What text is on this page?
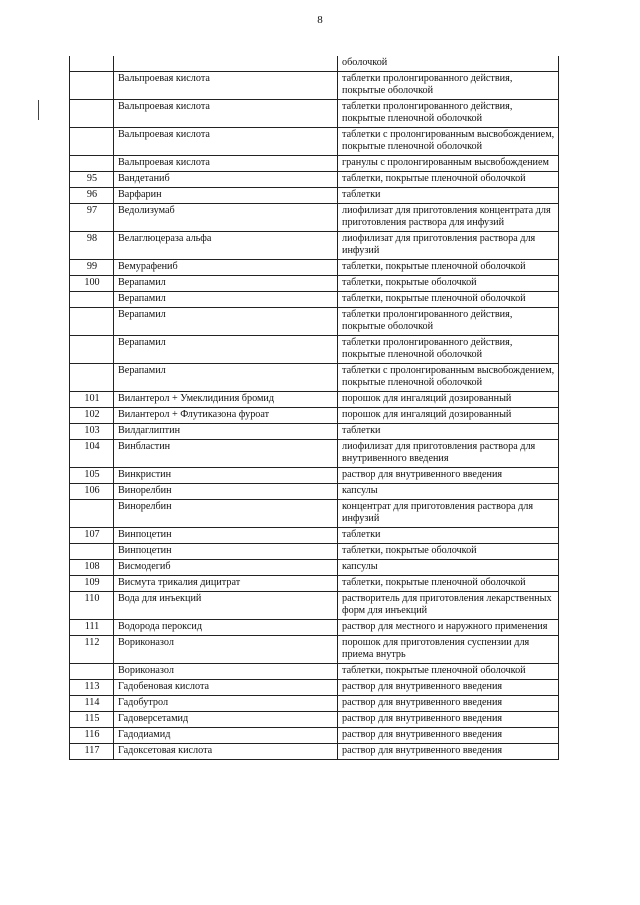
8
		оболочкой
	Вальпроевая кислота	таблетки пролонгированного действия, покрытые оболочкой
	Вальпроевая кислота	таблетки пролонгированного действия, покрытые пленочной оболочкой
	Вальпроевая кислота	таблетки с пролонгированным высвобождением, покрытые пленочной оболочкой
	Вальпроевая кислота	гранулы с пролонгированным высвобождением
95	Вандетаниб	таблетки, покрытые пленочной оболочкой
96	Варфарин	таблетки
97	Ведолизумаб	лиофилизат для приготовления концентрата для приготовления раствора для инфузий
98	Велаглюцераза альфа	лиофилизат для приготовления раствора для инфузий
99	Вемурафениб	таблетки, покрытые пленочной оболочкой
100	Верапамил	таблетки, покрытые оболочкой
	Верапамил	таблетки, покрытые пленочной оболочкой
	Верапамил	таблетки пролонгированного действия, покрытые оболочкой
	Верапамил	таблетки пролонгированного действия, покрытые пленочной оболочкой
	Верапамил	таблетки с пролонгированным высвобождением, покрытые пленочной оболочкой
101	Вилантерол + Умеклидиния бромид	порошок для ингаляций дозированный
102	Вилантерол + Флутиказона фуроат	порошок для ингаляций дозированный
103	Вилдаглиптин	таблетки
104	Винбластин	лиофилизат для приготовления раствора для внутривенного введения
105	Винкристин	раствор для внутривенного введения
106	Винорелбин	капсулы
	Винорелбин	концентрат для приготовления раствора для инфузий
107	Винпоцетин	таблетки
	Винпоцетин	таблетки, покрытые оболочкой
108	Висмодегиб	капсулы
109	Висмута трикалия дицитрат	таблетки, покрытые пленочной оболочкой
110	Вода для инъекций	растворитель для приготовления лекарственных форм для инъекций
111	Водорода пероксид	раствор для местного и наружного применения
112	Вориконазол	порошок для приготовления суспензии для приема внутрь
	Вориконазол	таблетки, покрытые пленочной оболочкой
113	Гадобеновая кислота	раствор для внутривенного введения
114	Гадобутрол	раствор для внутривенного введения
115	Гадоверсетамид	раствор для внутривенного введения
116	Гадодиамид	раствор для внутривенного введения
117	Гадоксетовая кислота	раствор для внутривенного введения
